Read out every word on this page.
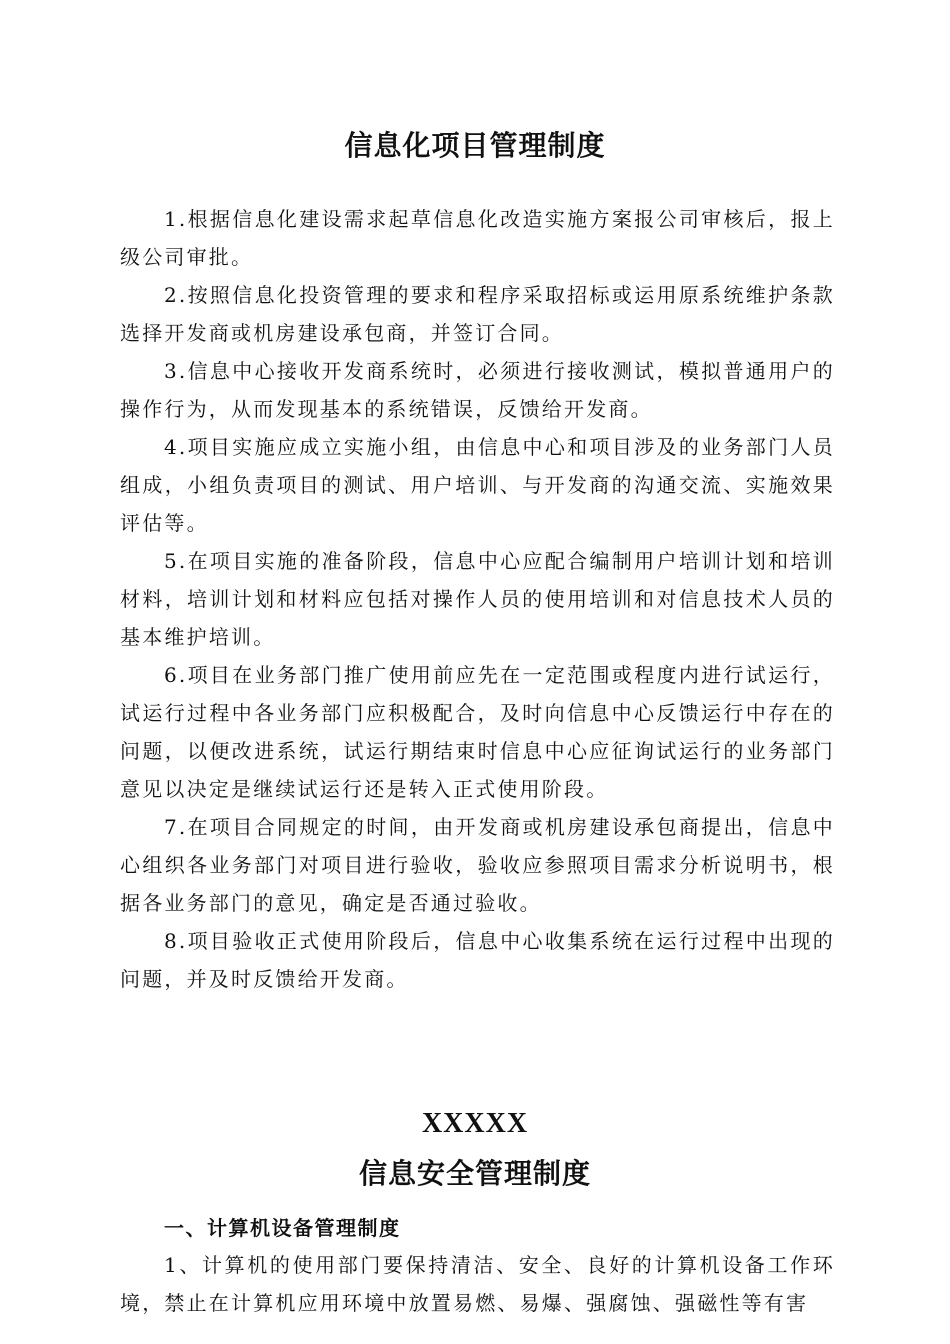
信息化项目管理制度

1.根据信息化建设需求起草信息化改造实施方案报公司审核后，报上级公司审批。

2.按照信息化投资管理的要求和程序采取招标或运用原系统维护条款选择开发商或机房建设承包商，并签订合同。

3.信息中心接收开发商系统时，必须进行接收测试，模拟普通用户的操作行为，从而发现基本的系统错误，反馈给开发商。

4.项目实施应成立实施小组，由信息中心和项目涉及的业务部门人员组成，小组负责项目的测试、用户培训、与开发商的沟通交流、实施效果评估等。

5.在项目实施的准备阶段，信息中心应配合编制用户培训计划和培训材料，培训计划和材料应包括对操作人员的使用培训和对信息技术人员的基本维护培训。

6.项目在业务部门推广使用前应先在一定范围或程度内进行试运行，试运行过程中各业务部门应积极配合，及时向信息中心反馈运行中存在的问题，以便改进系统，试运行期结束时信息中心应征询试运行的业务部门意见以决定是继续试运行还是转入正式使用阶段。

7.在项目合同规定的时间，由开发商或机房建设承包商提出，信息中心组织各业务部门对项目进行验收，验收应参照项目需求分析说明书，根据各业务部门的意见，确定是否通过验收。

8.项目验收正式使用阶段后，信息中心收集系统在运行过程中出现的问题，并及时反馈给开发商。

XXXXX
信息安全管理制度

一、计算机设备管理制度

1、计算机的使用部门要保持清洁、安全、良好的计算机设备工作环境，禁止在计算机应用环境中放置易燃、易爆、强腐蚀、强磁性等有害
